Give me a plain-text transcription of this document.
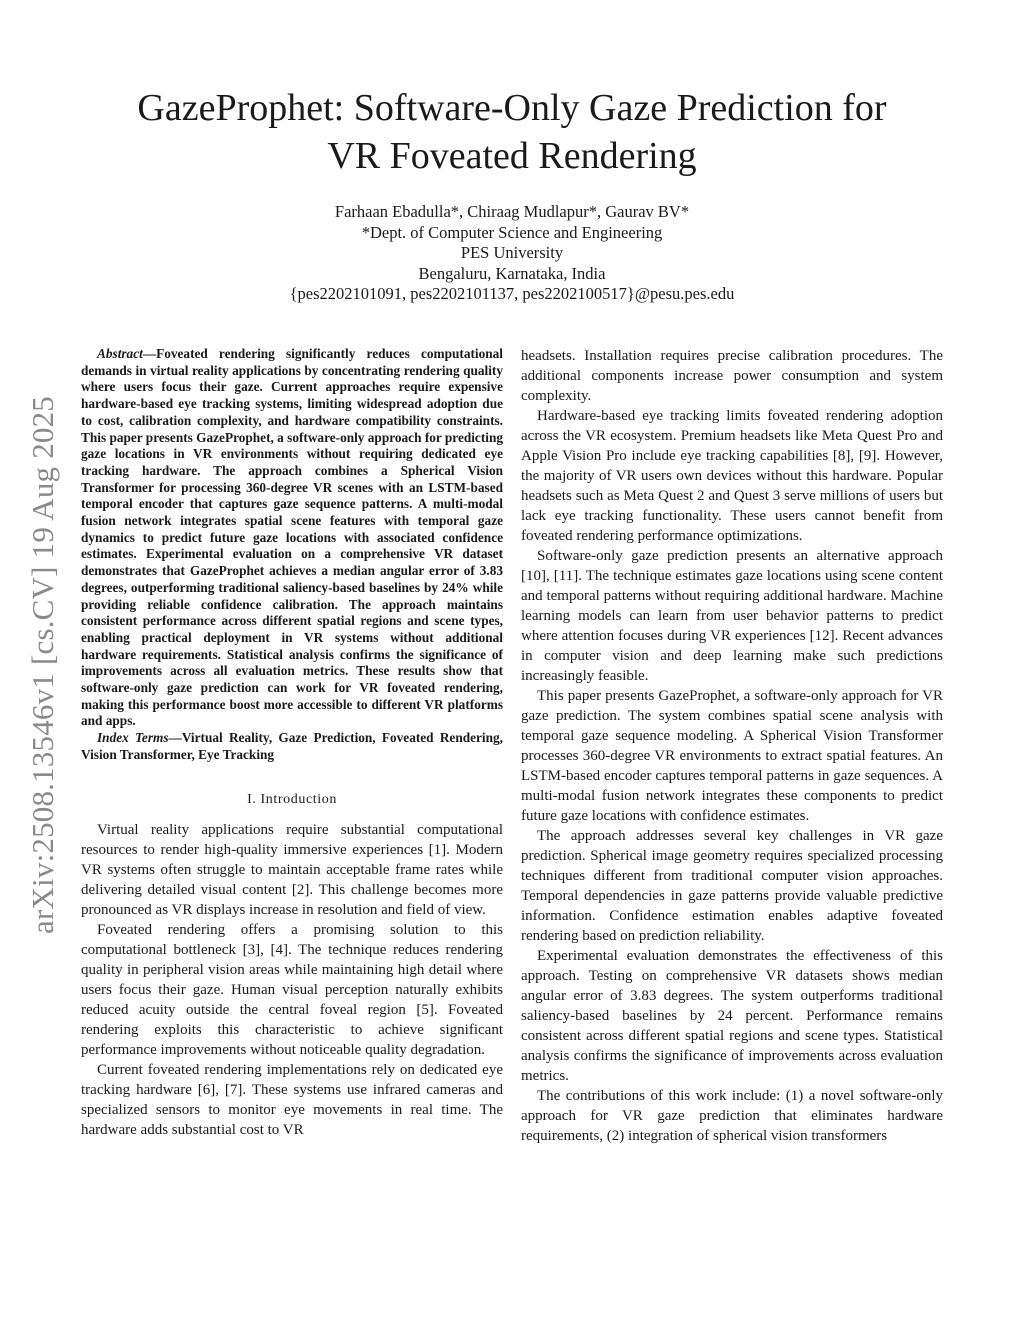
arXiv:2508.13546v1 [cs.CV] 19 Aug 2025
GazeProphet: Software-Only Gaze Prediction for
VR Foveated Rendering
Farhaan Ebadulla*, Chiraag Mudlapur*, Gaurav BV*
*Dept. of Computer Science and Engineering
PES University
Bengaluru, Karnataka, India
{pes2202101091, pes2202101137, pes2202100517}@pesu.pes.edu

Abstract—Foveated rendering significantly reduces computational demands in virtual reality applications by concentrating rendering quality where users focus their gaze. Current approaches require expensive hardware-based eye tracking systems, limiting widespread adoption due to cost, calibration complexity, and hardware compatibility constraints. This paper presents GazeProphet, a software-only approach for predicting gaze locations in VR environments without requiring dedicated eye tracking hardware. The approach combines a Spherical Vision Transformer for processing 360-degree VR scenes with an LSTM-based temporal encoder that captures gaze sequence patterns. A multi-modal fusion network integrates spatial scene features with temporal gaze dynamics to predict future gaze locations with associated confidence estimates. Experimental evaluation on a comprehensive VR dataset demonstrates that GazeProphet achieves a median angular error of 3.83 degrees, outperforming traditional saliency-based baselines by 24% while providing reliable confidence calibration. The approach maintains consistent performance across different spatial regions and scene types, enabling practical deployment in VR systems without additional hardware requirements. Statistical analysis confirms the significance of improvements across all evaluation metrics. These results show that software-only gaze prediction can work for VR foveated rendering, making this performance boost more accessible to different VR platforms and apps.

Index Terms—Virtual Reality, Gaze Prediction, Foveated Rendering, Vision Transformer, Eye Tracking

I. Introduction

Virtual reality applications require substantial computational resources to render high-quality immersive experiences [1]. Modern VR systems often struggle to maintain acceptable frame rates while delivering detailed visual content [2]. This challenge becomes more pronounced as VR displays increase in resolution and field of view.

Foveated rendering offers a promising solution to this computational bottleneck [3], [4]. The technique reduces rendering quality in peripheral vision areas while maintaining high detail where users focus their gaze. Human visual perception naturally exhibits reduced acuity outside the central foveal region [5]. Foveated rendering exploits this characteristic to achieve significant performance improvements without noticeable quality degradation.

Current foveated rendering implementations rely on dedicated eye tracking hardware [6], [7]. These systems use infrared cameras and specialized sensors to monitor eye movements in real time. The hardware adds substantial cost to VR

headsets. Installation requires precise calibration procedures. The additional components increase power consumption and system complexity.

Hardware-based eye tracking limits foveated rendering adoption across the VR ecosystem. Premium headsets like Meta Quest Pro and Apple Vision Pro include eye tracking capabilities [8], [9]. However, the majority of VR users own devices without this hardware. Popular headsets such as Meta Quest 2 and Quest 3 serve millions of users but lack eye tracking functionality. These users cannot benefit from foveated rendering performance optimizations.

Software-only gaze prediction presents an alternative approach [10], [11]. The technique estimates gaze locations using scene content and temporal patterns without requiring additional hardware. Machine learning models can learn from user behavior patterns to predict where attention focuses during VR experiences [12]. Recent advances in computer vision and deep learning make such predictions increasingly feasible.

This paper presents GazeProphet, a software-only approach for VR gaze prediction. The system combines spatial scene analysis with temporal gaze sequence modeling. A Spherical Vision Transformer processes 360-degree VR environments to extract spatial features. An LSTM-based encoder captures temporal patterns in gaze sequences. A multi-modal fusion network integrates these components to predict future gaze locations with confidence estimates.

The approach addresses several key challenges in VR gaze prediction. Spherical image geometry requires specialized processing techniques different from traditional computer vision approaches. Temporal dependencies in gaze patterns provide valuable predictive information. Confidence estimation enables adaptive foveated rendering based on prediction reliability.

Experimental evaluation demonstrates the effectiveness of this approach. Testing on comprehensive VR datasets shows median angular error of 3.83 degrees. The system outperforms traditional saliency-based baselines by 24 percent. Performance remains consistent across different spatial regions and scene types. Statistical analysis confirms the significance of improvements across evaluation metrics.

The contributions of this work include: (1) a novel software-only approach for VR gaze prediction that eliminates hardware requirements, (2) integration of spherical vision transformers
